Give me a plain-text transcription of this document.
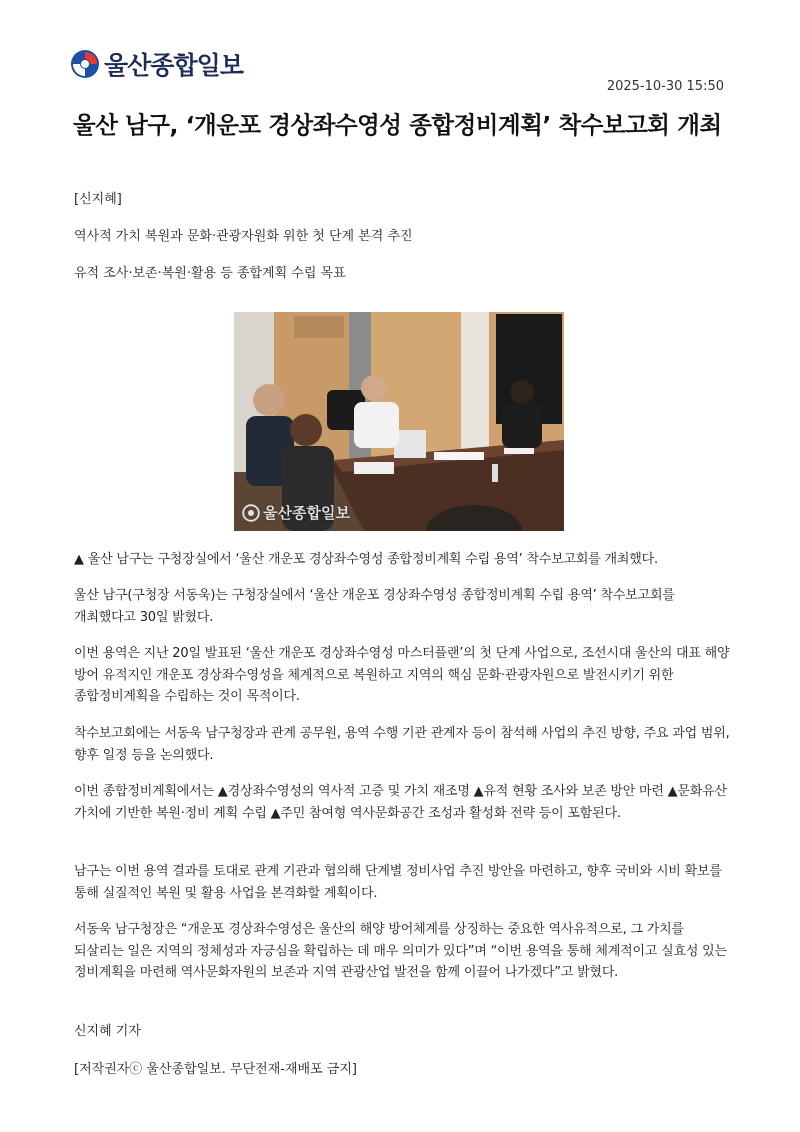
울산종합일보
2025-10-30 15:50
울산 남구, ‘개운포 경상좌수영성 종합정비계획’ 착수보고회 개최

[신지혜]

역사적 가치 복원과 문화·관광자원화 위한 첫 단계 본격 추진

유적 조사·보존·복원·활용 등 종합계획 수립 목표

울산종합일보

▲ 울산 남구는 구청장실에서 ‘울산 개운포 경상좌수영성 종합정비계획 수립 용역’ 착수보고회를 개최했다.

울산 남구(구청장 서동욱)는 구청장실에서 ‘울산 개운포 경상좌수영성 종합정비계획 수립 용역’ 착수보고회를 개최했다고 30일 밝혔다.

이번 용역은 지난 20일 발표된 ‘울산 개운포 경상좌수영성 마스터플랜’의 첫 단계 사업으로, 조선시대 울산의 대표 해양 방어 유적지인 개운포 경상좌수영성을 체계적으로 복원하고 지역의 핵심 문화·관광자원으로 발전시키기 위한 종합정비계획을 수립하는 것이 목적이다.

착수보고회에는 서동욱 남구청장과 관계 공무원, 용역 수행 기관 관계자 등이 참석해 사업의 추진 방향, 주요 과업 범위, 향후 일정 등을 논의했다.

이번 종합정비계획에서는 ▲경상좌수영성의 역사적 고증 및 가치 재조명 ▲유적 현황 조사와 보존 방안 마련 ▲문화유산 가치에 기반한 복원·정비 계획 수립 ▲주민 참여형 역사문화공간 조성과 활성화 전략 등이 포함된다.

남구는 이번 용역 결과를 토대로 관계 기관과 협의해 단계별 정비사업 추진 방안을 마련하고, 향후 국비와 시비 확보를 통해 실질적인 복원 및 활용 사업을 본격화할 계획이다.

서동욱 남구청장은 “개운포 경상좌수영성은 울산의 해양 방어체계를 상징하는 중요한 역사유적으로, 그 가치를 되살리는 일은 지역의 정체성과 자긍심을 확립하는 데 매우 의미가 있다”며 “이번 용역을 통해 체계적이고 실효성 있는 정비계획을 마련해 역사문화자원의 보존과 지역 관광산업 발전을 함께 이끌어 나가겠다”고 밝혔다.

신지혜 기자

[저작권자ⓒ 울산종합일보. 무단전재-재배포 금지]
